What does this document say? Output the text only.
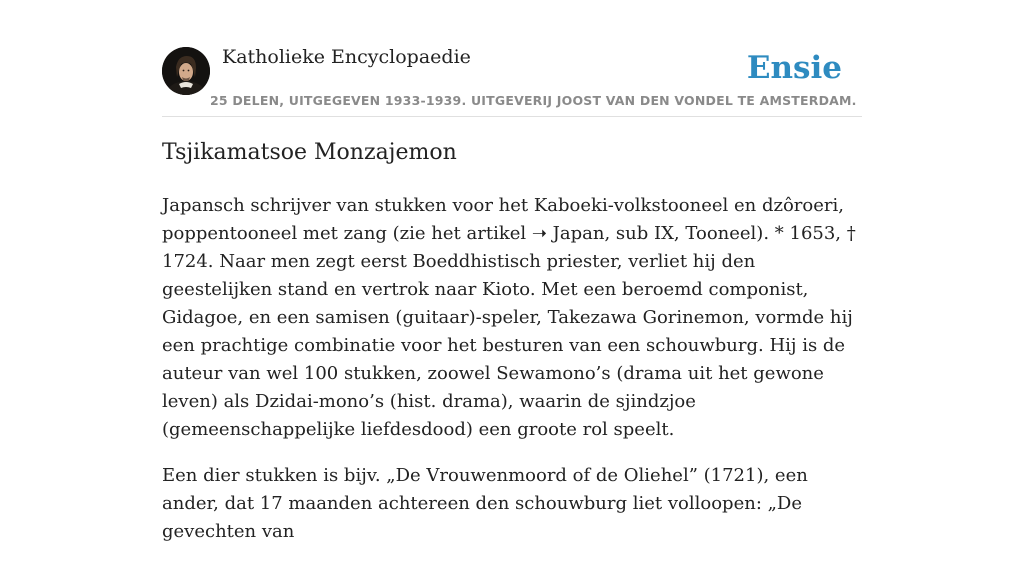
Katholieke Encyclopaedie	Ensie
25 DELEN, UITGEGEVEN 1933-1939. UITGEVERIJ JOOST VAN DEN VONDEL TE AMSTERDAM.
Tsjikamatsoe Monzajemon

Japansch schrijver van stukken voor het Kaboeki-volkstooneel en dzôroeri, poppentooneel met zang (zie het artikel ➝ Japan, sub IX, Tooneel). * 1653, † 1724. Naar men zegt eerst Boeddhistisch priester, verliet hij den geestelijken stand en vertrok naar Kioto. Met een beroemd componist, Gidagoe, en een samisen (guitaar)-speler, Takezawa Gorinemon, vormde hij een prachtige combinatie voor het besturen van een schouwburg. Hij is de auteur van wel 100 stukken, zoowel Sewamono’s (drama uit het gewone leven) als Dzidai-mono’s (hist. drama), waarin de sjindzjoe (gemeenschappelijke liefdesdood) een groote rol speelt.

Een dier stukken is bijv. „De Vrouwenmoord of de Oliehel” (1721), een ander, dat 17 maanden achtereen den schouwburg liet volloopen: „De gevechten van
